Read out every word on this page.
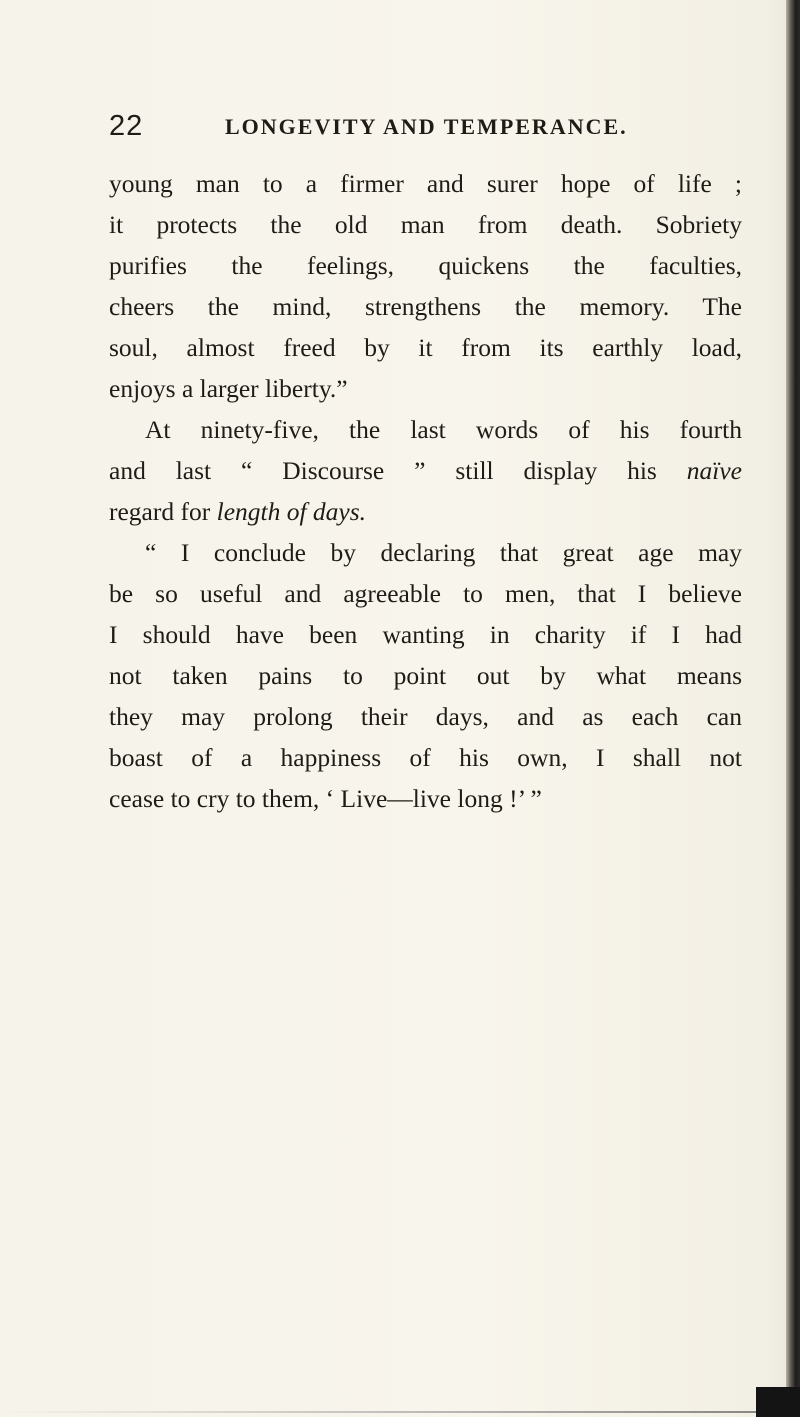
22	LONGEVITY AND TEMPERANCE.
young man to a firmer and surer hope of life ;
it protects the old man from death. Sobriety
purifies the feelings, quickens the faculties,
cheers the mind, strengthens the memory. The
soul, almost freed by it from its earthly load,
enjoys a larger liberty.”
At ninety-five, the last words of his fourth
and last “ Discourse ” still display his naïve
regard for length of days.
“ I conclude by declaring that great age may
be so useful and agreeable to men, that I believe
I should have been wanting in charity if I had
not taken pains to point out by what means
they may prolong their days, and as each can
boast of a happiness of his own, I shall not
cease to cry to them, ‘ Live—live long !’ ”
